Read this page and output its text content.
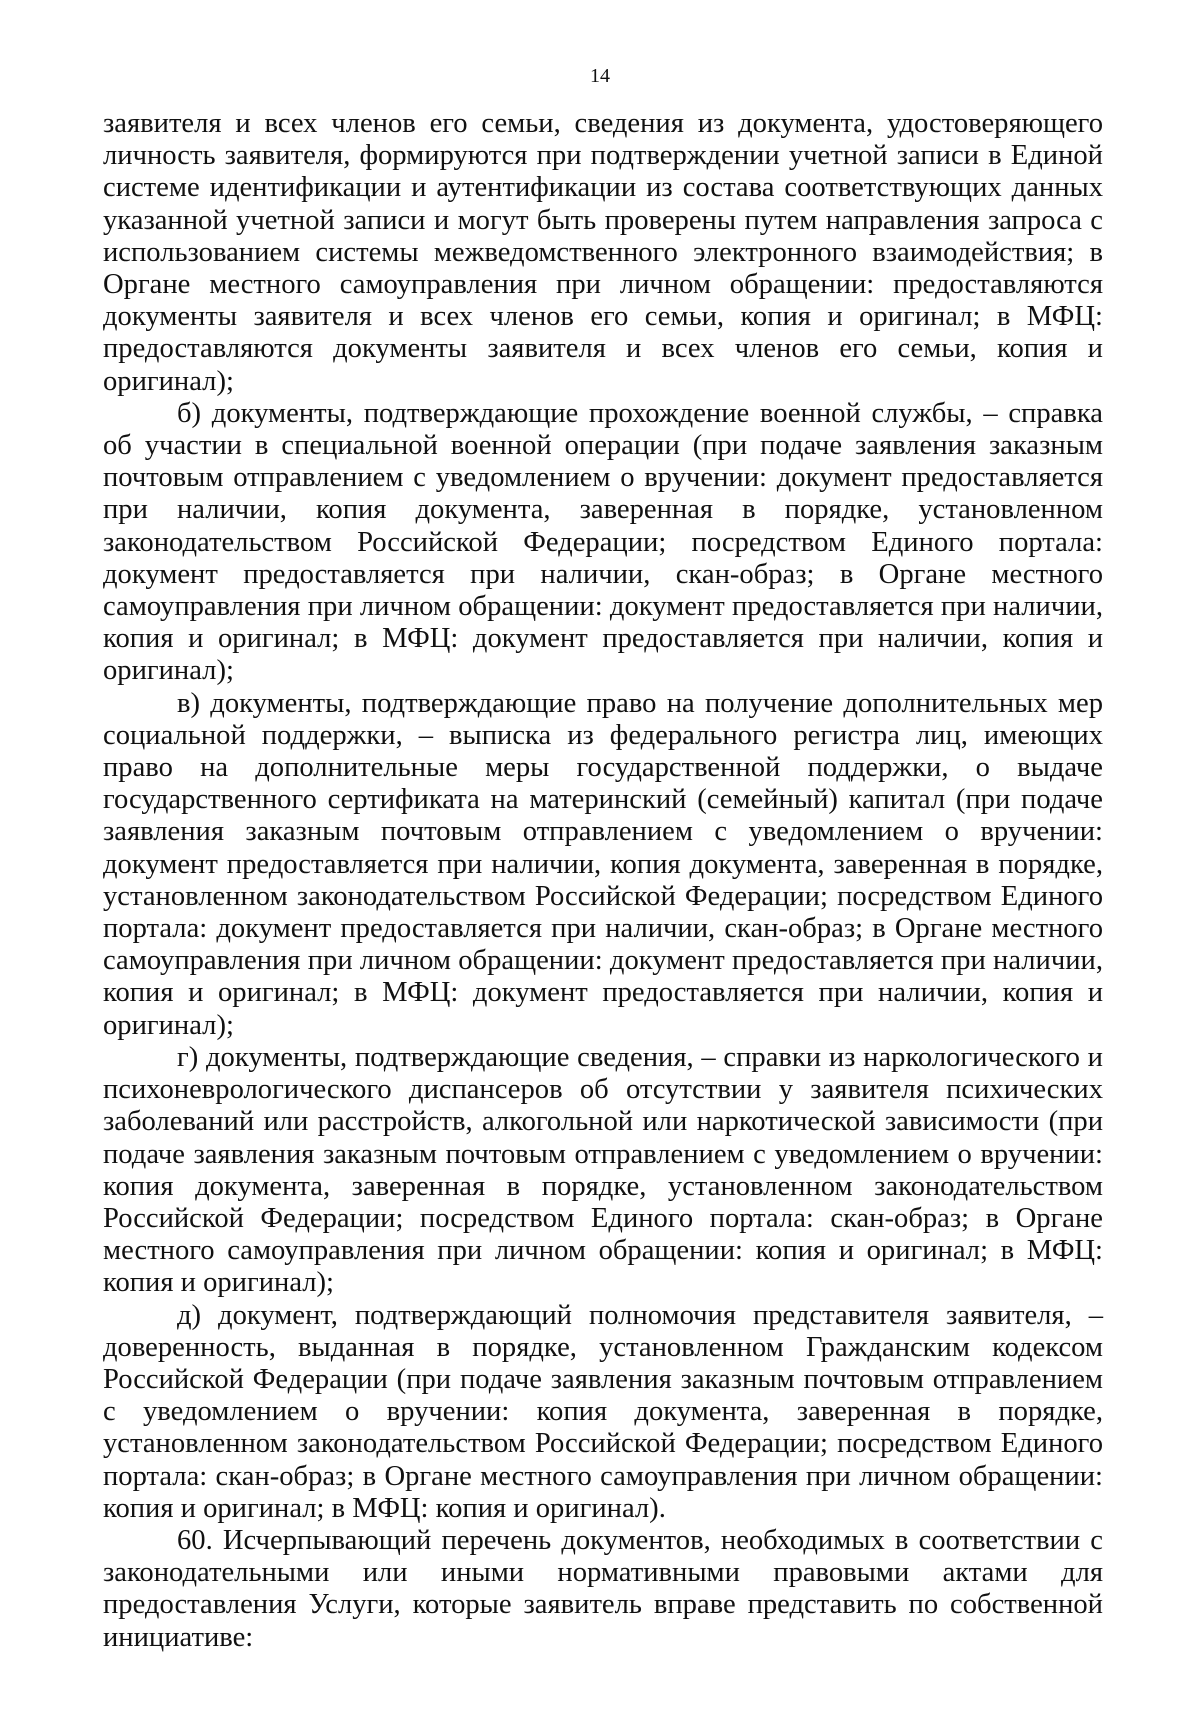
14

заявителя и всех членов его семьи, сведения из документа, удостоверяющего личность заявителя, формируются при подтверждении учетной записи в Единой системе идентификации и аутентификации из состава соответствующих данных указанной учетной записи и могут быть проверены путем направления запроса с использованием системы межведомственного электронного взаимодействия; в Органе местного самоуправления при личном обращении: предоставляются документы заявителя и всех членов его семьи, копия и оригинал; в МФЦ: предоставляются документы заявителя и всех членов его семьи, копия и оригинал);

б) документы, подтверждающие прохождение военной службы, – справка об участии в специальной военной операции (при подаче заявления заказным почтовым отправлением с уведомлением о вручении: документ предоставляется при наличии, копия документа, заверенная в порядке, установленном законодательством Российской Федерации; посредством Единого портала: документ предоставляется при наличии, скан-образ; в Органе местного самоуправления при личном обращении: документ предоставляется при наличии, копия и оригинал; в МФЦ: документ предоставляется при наличии, копия и оригинал);

в) документы, подтверждающие право на получение дополнительных мер социальной поддержки, – выписка из федерального регистра лиц, имеющих право на дополнительные меры государственной поддержки, о выдаче государственного сертификата на материнский (семейный) капитал (при подаче заявления заказным почтовым отправлением с уведомлением о вручении: документ предоставляется при наличии, копия документа, заверенная в порядке, установленном законодательством Российской Федерации; посредством Единого портала: документ предоставляется при наличии, скан-образ; в Органе местного самоуправления при личном обращении: документ предоставляется при наличии, копия и оригинал; в МФЦ: документ предоставляется при наличии, копия и оригинал);

г) документы, подтверждающие сведения, – справки из наркологического и психоневрологического диспансеров об отсутствии у заявителя психических заболеваний или расстройств, алкогольной или наркотической зависимости (при подаче заявления заказным почтовым отправлением с уведомлением о вручении: копия документа, заверенная в порядке, установленном законодательством Российской Федерации; посредством Единого портала: скан-образ; в Органе местного самоуправления при личном обращении: копия и оригинал; в МФЦ: копия и оригинал);

д) документ, подтверждающий полномочия представителя заявителя, – доверенность, выданная в порядке, установленном Гражданским кодексом Российской Федерации (при подаче заявления заказным почтовым отправлением с уведомлением о вручении: копия документа, заверенная в порядке, установленном законодательством Российской Федерации; посредством Единого портала: скан-образ; в Органе местного самоуправления при личном обращении: копия и оригинал; в МФЦ: копия и оригинал).

60. Исчерпывающий перечень документов, необходимых в соответствии с законодательными или иными нормативными правовыми актами для предоставления Услуги, которые заявитель вправе представить по собственной инициативе:
